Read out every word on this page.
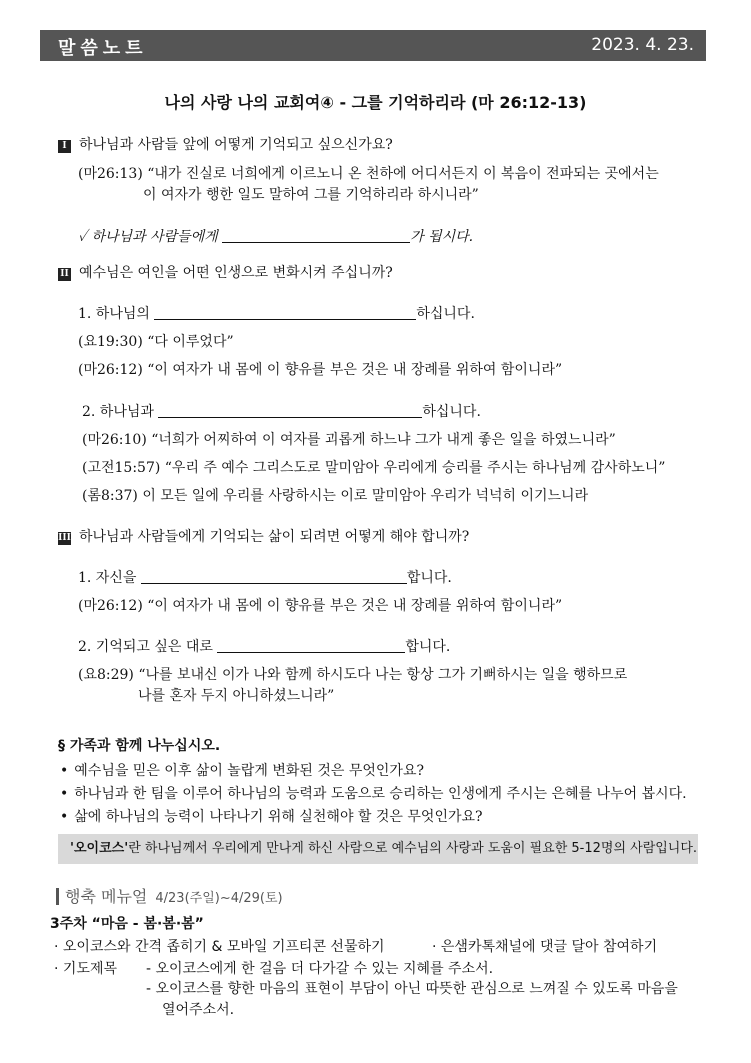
말씀노트	2023. 4. 23.
나의 사랑 나의 교회여④ - 그를 기억하리라 (마 26:12-13)
I 하나님과 사람들 앞에 어떻게 기억되고 싶으신가요?
(마26:13) “내가 진실로 너희에게 이르노니 온 천하에 어디서든지 이 복음이 전파되는 곳에서는
이 여자가 행한 일도 말하여 그를 기억하리라 하시니라”
✓ 하나님과 사람들에게	가 됩시다.
II 예수님은 여인을 어떤 인생으로 변화시켜 주십니까?
1. 하나님의	하십니다.
(요19:30) “다 이루었다”
(마26:12) “이 여자가 내 몸에 이 향유를 부은 것은 내 장례를 위하여 함이니라”
2. 하나님과	하십니다.
(마26:10) “너희가 어찌하여 이 여자를 괴롭게 하느냐 그가 내게 좋은 일을 하였느니라”
(고전15:57) “우리 주 예수 그리스도로 말미암아 우리에게 승리를 주시는 하나님께 감사하노니”
(롬8:37) 이 모든 일에 우리를 사랑하시는 이로 말미암아 우리가 넉넉히 이기느니라
III 하나님과 사람들에게 기억되는 삶이 되려면 어떻게 해야 합니까?
1. 자신을	합니다.
(마26:12) “이 여자가 내 몸에 이 향유를 부은 것은 내 장례를 위하여 함이니라”
2. 기억되고 싶은 대로	합니다.
(요8:29) “나를 보내신 이가 나와 함께 하시도다 나는 항상 그가 기뻐하시는 일을 행하므로
나를 혼자 두지 아니하셨느니라”
§ 가족과 함께 나누십시오.
• 예수님을 믿은 이후 삶이 놀랍게 변화된 것은 무엇인가요?
• 하나님과 한 팀을 이루어 하나님의 능력과 도움으로 승리하는 인생에게 주시는 은혜를 나누어 봅시다.
• 삶에 하나님의 능력이 나타나기 위해 실천해야 할 것은 무엇인가요?
'오이코스'란 하나님께서 우리에게 만나게 하신 사람으로 예수님의 사랑과 도움이 필요한 5-12명의 사람입니다.
행축 메뉴얼 4/23(주일)~4/29(토)
3주차 “마음 - 봄·봄·봄”
· 오이코스와 간격 좁히기 & 모바일 기프티콘 선물하기	· 은샘카톡채널에 댓글 달아 참여하기
· 기도제목 - 오이코스에게 한 걸음 더 다가갈 수 있는 지혜를 주소서.
- 오이코스를 향한 마음의 표현이 부담이 아닌 따뜻한 관심으로 느껴질 수 있도록 마음을
열어주소서.
